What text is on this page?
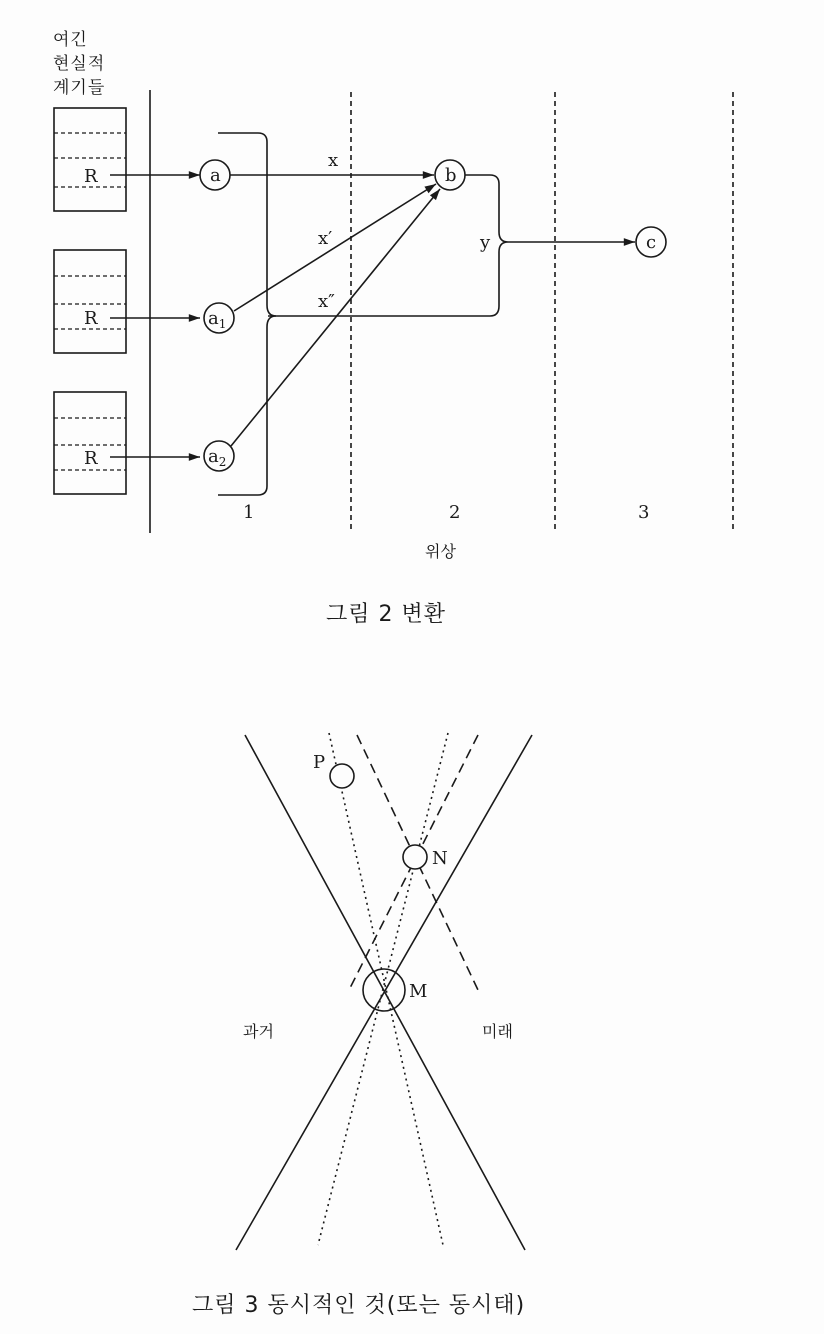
여긴
현실적
계기들
R
R
R
a
$a_1$
$a_2$
b
c
x
x′
x″
y
1	2	3
위상
P
N
M
과거	미래
그림 2 변환
그림 3 동시적인 것(또는 동시태)
